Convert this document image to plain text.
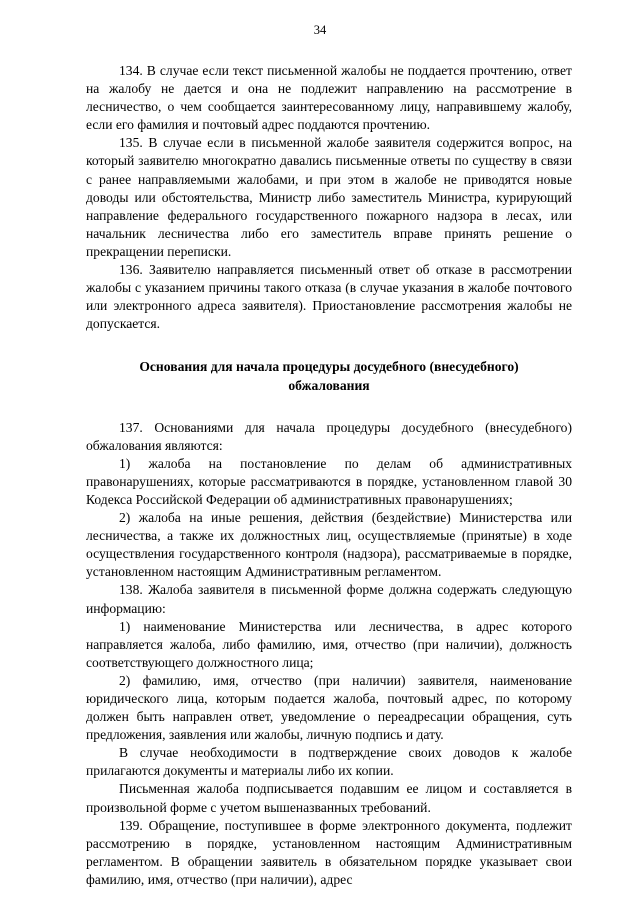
34

134. В случае если текст письменной жалобы не поддается прочтению, ответ на жалобу не дается и она не подлежит направлению на рассмотрение в лесничество, о чем сообщается заинтересованному лицу, направившему жалобу, если его фамилия и почтовый адрес поддаются прочтению.

135. В случае если в письменной жалобе заявителя содержится вопрос, на который заявителю многократно давались письменные ответы по существу в связи с ранее направляемыми жалобами, и при этом в жалобе не приводятся новые доводы или обстоятельства, Министр либо заместитель Министра, курирующий направление федерального государственного пожарного надзора в лесах, или начальник лесничества либо его заместитель вправе принять решение о прекращении переписки.

136. Заявителю направляется письменный ответ об отказе в рассмотрении жалобы с указанием причины такого отказа (в случае указания в жалобе почтового или электронного адреса заявителя). Приостановление рассмотрения жалобы не допускается.

Основания для начала процедуры досудебного (внесудебного)
обжалования

137. Основаниями для начала процедуры досудебного (внесудебного) обжалования являются:

1) жалоба на постановление по делам об административных правонарушениях, которые рассматриваются в порядке, установленном главой 30 Кодекса Российской Федерации об административных правонарушениях;

2) жалоба на иные решения, действия (бездействие) Министерства или лесничества, а также их должностных лиц, осуществляемые (принятые) в ходе осуществления государственного контроля (надзора), рассматриваемые в порядке, установленном настоящим Административным регламентом.

138. Жалоба заявителя в письменной форме должна содержать следующую информацию:

1) наименование Министерства или лесничества, в адрес которого направляется жалоба, либо фамилию, имя, отчество (при наличии), должность соответствующего должностного лица;

2) фамилию, имя, отчество (при наличии) заявителя, наименование юридического лица, которым подается жалоба, почтовый адрес, по которому должен быть направлен ответ, уведомление о переадресации обращения, суть предложения, заявления или жалобы, личную подпись и дату.

В случае необходимости в подтверждение своих доводов к жалобе прилагаются документы и материалы либо их копии.

Письменная жалоба подписывается подавшим ее лицом и составляется в произвольной форме с учетом вышеназванных требований.

139. Обращение, поступившее в форме электронного документа, подлежит рассмотрению в порядке, установленном настоящим Административным регламентом. В обращении заявитель в обязательном порядке указывает свои фамилию, имя, отчество (при наличии), адрес
